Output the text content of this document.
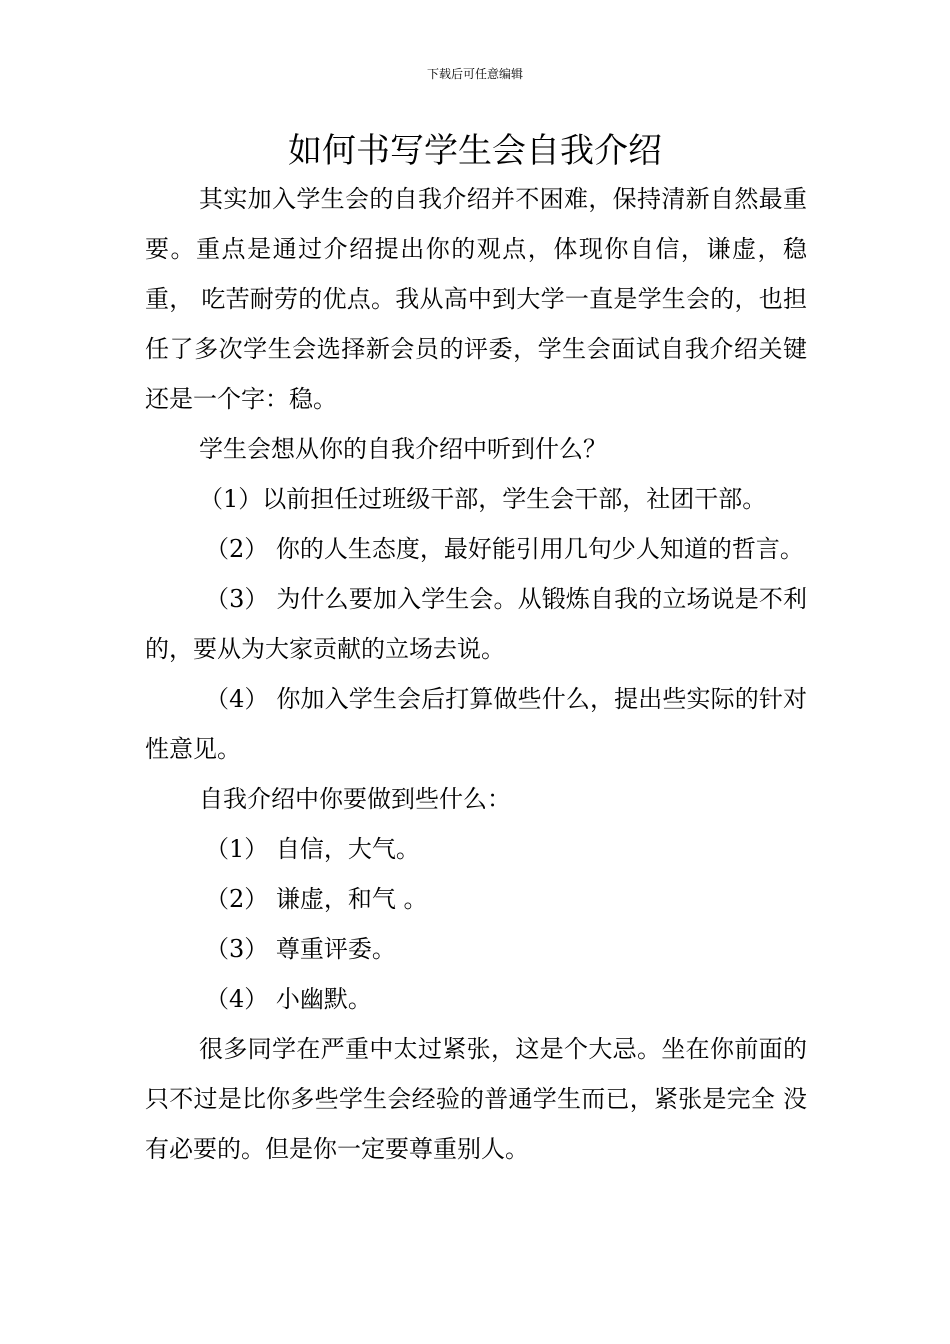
下载后可任意编辑
如何书写学生会自我介绍

其实加入学生会的自我介绍并不困难，保持清新自然最重要。重点是通过介绍提出你的观点，体现你自信，谦虚，稳重， 吃苦耐劳的优点。我从高中到大学一直是学生会的，也担任了多次学生会选择新会员的评委，学生会面试自我介绍关键还是一个字：稳。

学生会想从你的自我介绍中听到什么？

（1）以前担任过班级干部，学生会干部，社团干部。

（2） 你的人生态度，最好能引用几句少人知道的哲言。

（3） 为什么要加入学生会。从锻炼自我的立场说是不利的，要从为大家贡献的立场去说。

（4） 你加入学生会后打算做些什么，提出些实际的针对性意见。

自我介绍中你要做到些什么：

（1） 自信，大气。

（2） 谦虚，和气 。

（3） 尊重评委。

（4） 小幽默。

很多同学在严重中太过紧张，这是个大忌。坐在你前面的只不过是比你多些学生会经验的普通学生而已，紧张是完全 没有必要的。但是你一定要尊重别人。
